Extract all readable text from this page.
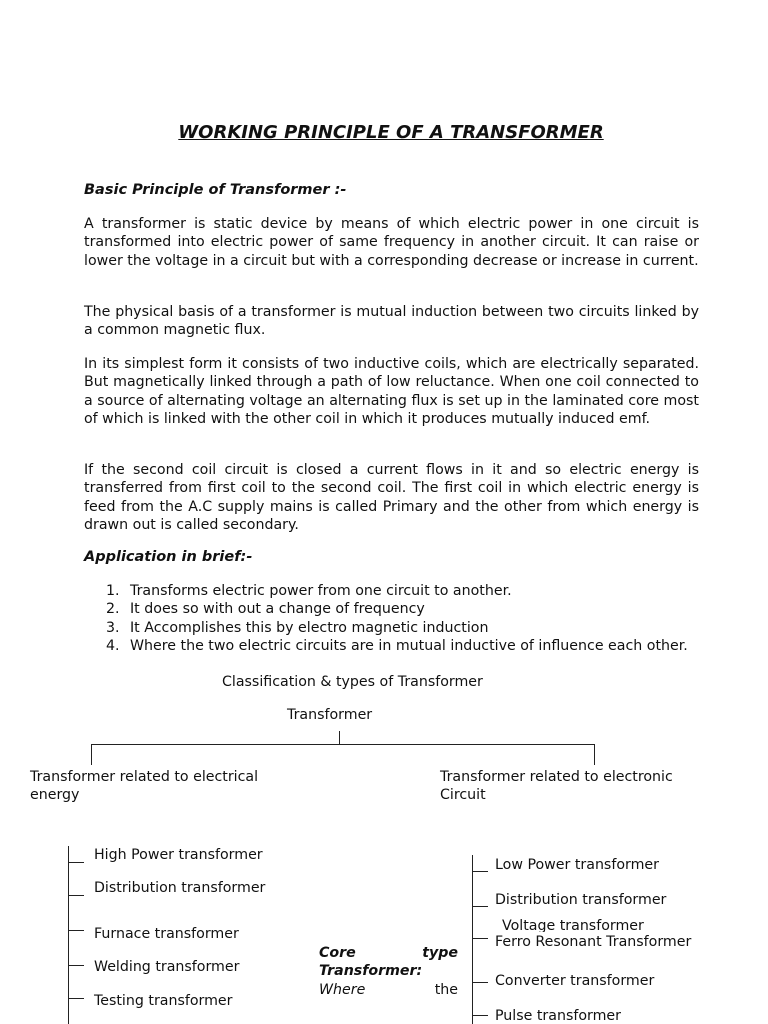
WORKING PRINCIPLE OF A TRANSFORMER
Basic Principle of Transformer :-

A transformer is static device by means of which electric power in one circuit is transformed into electric power of same frequency in another circuit. It can raise or lower the voltage in a circuit but with a corresponding decrease or increase in current.

The physical basis of a transformer is mutual induction between two circuits linked by a common magnetic flux.

In its simplest form it consists of two inductive coils, which are electrically separated. But magnetically linked through a path of low reluctance. When one coil connected to a source of alternating voltage an alternating flux is set up in the laminated core most of which is linked with the other coil in which it produces mutually induced emf.

If the second coil circuit is closed a current flows in it and so electric energy is transferred from first coil to the second coil. The first coil in which electric energy is feed from the A.C supply mains is called Primary and the other from which energy is drawn out is called secondary.

Application in brief:-
1. Transforms electric power from one circuit to another.
2. It does so with out a change of frequency
3. It Accomplishes this by electro magnetic induction
4. Where the two electric circuits are in mutual inductive of influence each other.
Classification & types of Transformer
Transformer
Transformer related to electrical energy
Transformer related to electronic Circuit
High Power transformer
Distribution transformer
Furnace transformer
Welding transformer
Testing transformer
Low Power transformer
Distribution transformer
Voltage transformer
Ferro Resonant Transformer
Converter transformer
Pulse transformer
Core	type
Transformer:
Where	the
